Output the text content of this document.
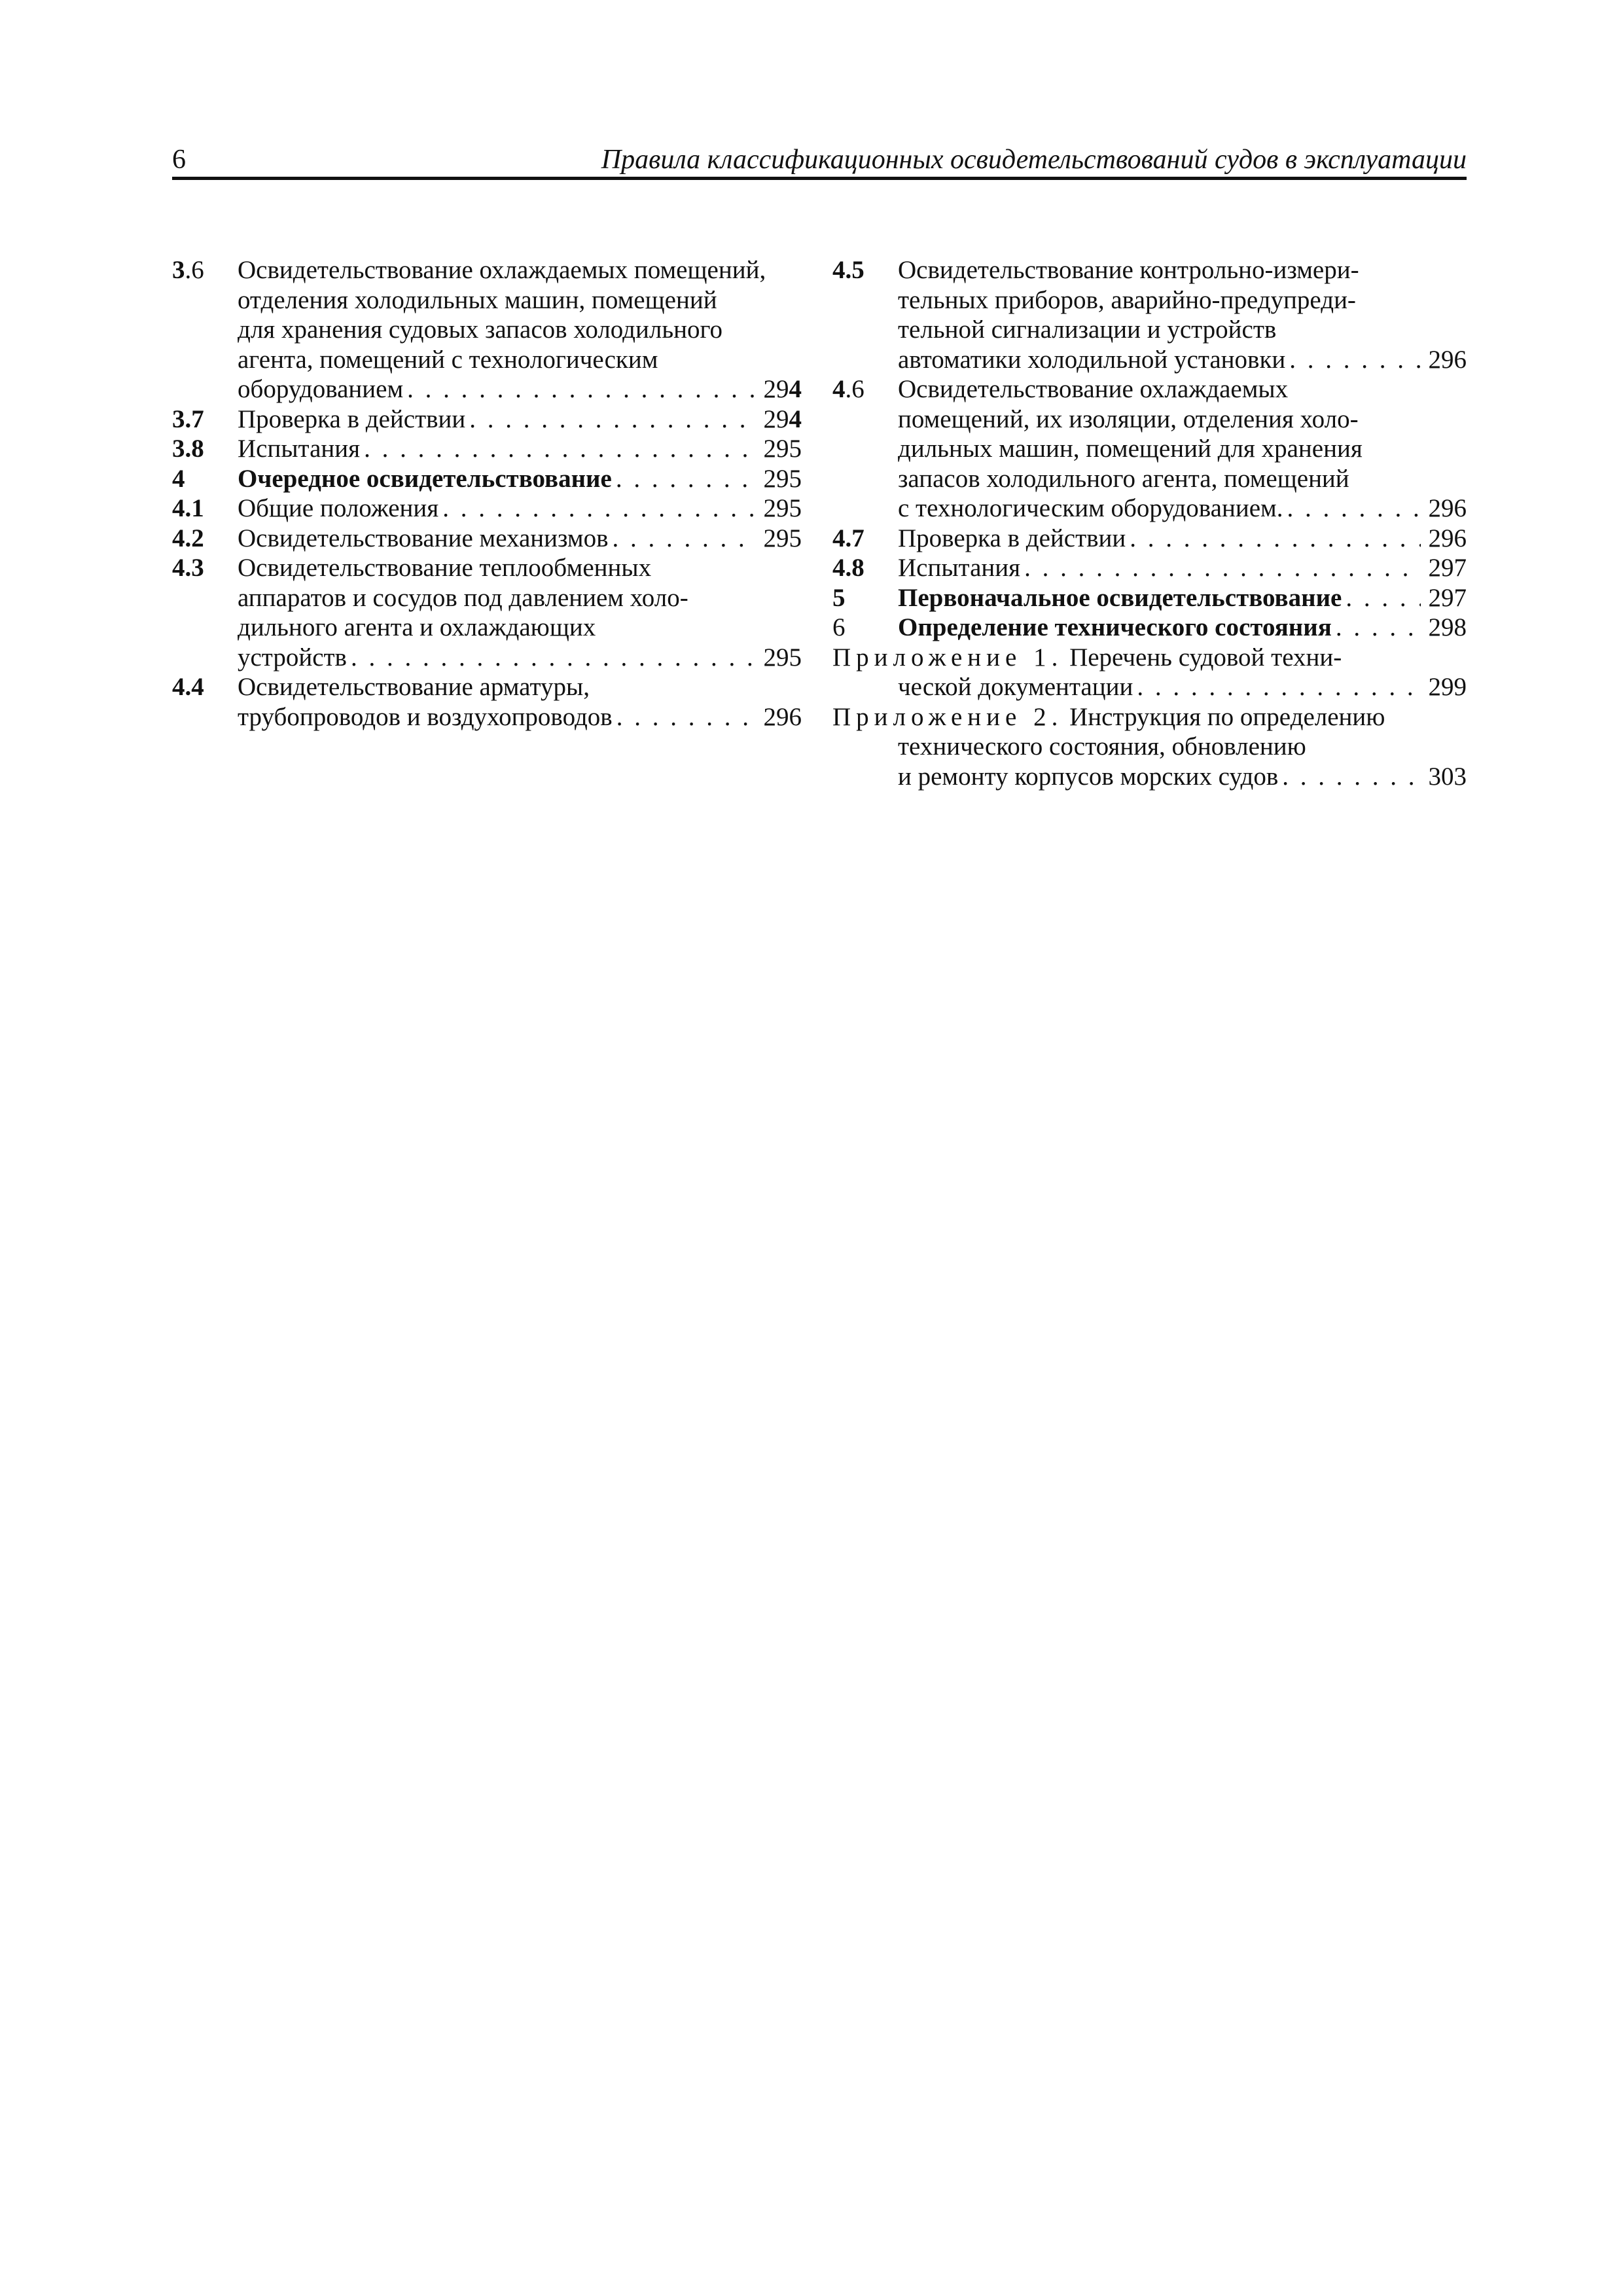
6	Правила классификационных освидетельствований судов в эксплуатации
3.6 Освидетельствование охлаждаемых помещений,
отделения холодильных машин, помещений
для хранения судовых запасов холодильного
агента, помещений с технологическим
оборудованием . . .	294
3.7 Проверка в действии . . .	294
3.8 Испытания . . .	295
4 Очередное освидетельствование . . .	295
4.1 Общие положения . . .	295
4.2 Освидетельствование механизмов . . .	295
4.3 Освидетельствование теплообменных
аппаратов и сосудов под давлением холо-
дильного агента и охлаждающих
устройств . . .	295
4.4 Освидетельствование арматуры,
трубопроводов и воздухопроводов . . .	296
4.5 Освидетельствование контрольно-измери-
тельных приборов, аварийно-предупреди-
тельной сигнализации и устройств
автоматики холодильной установки . . .	296
4.6 Освидетельствование охлаждаемых
помещений, их изоляции, отделения холо-
дильных машин, помещений для хранения
запасов холодильного агента, помещений
с технологическим оборудованием. . . .	296
4.7 Проверка в действии . . .	296
4.8 Испытания . . .	297
5 Первоначальное освидетельствование . . .	297
6 Определение технического состояния . . .	298
Приложение 1. Перечень судовой техни-
ческой документации . . .	299
Приложение 2. Инструкция по определению
технического состояния, обновлению
и ремонту корпусов морских судов . . .	303
